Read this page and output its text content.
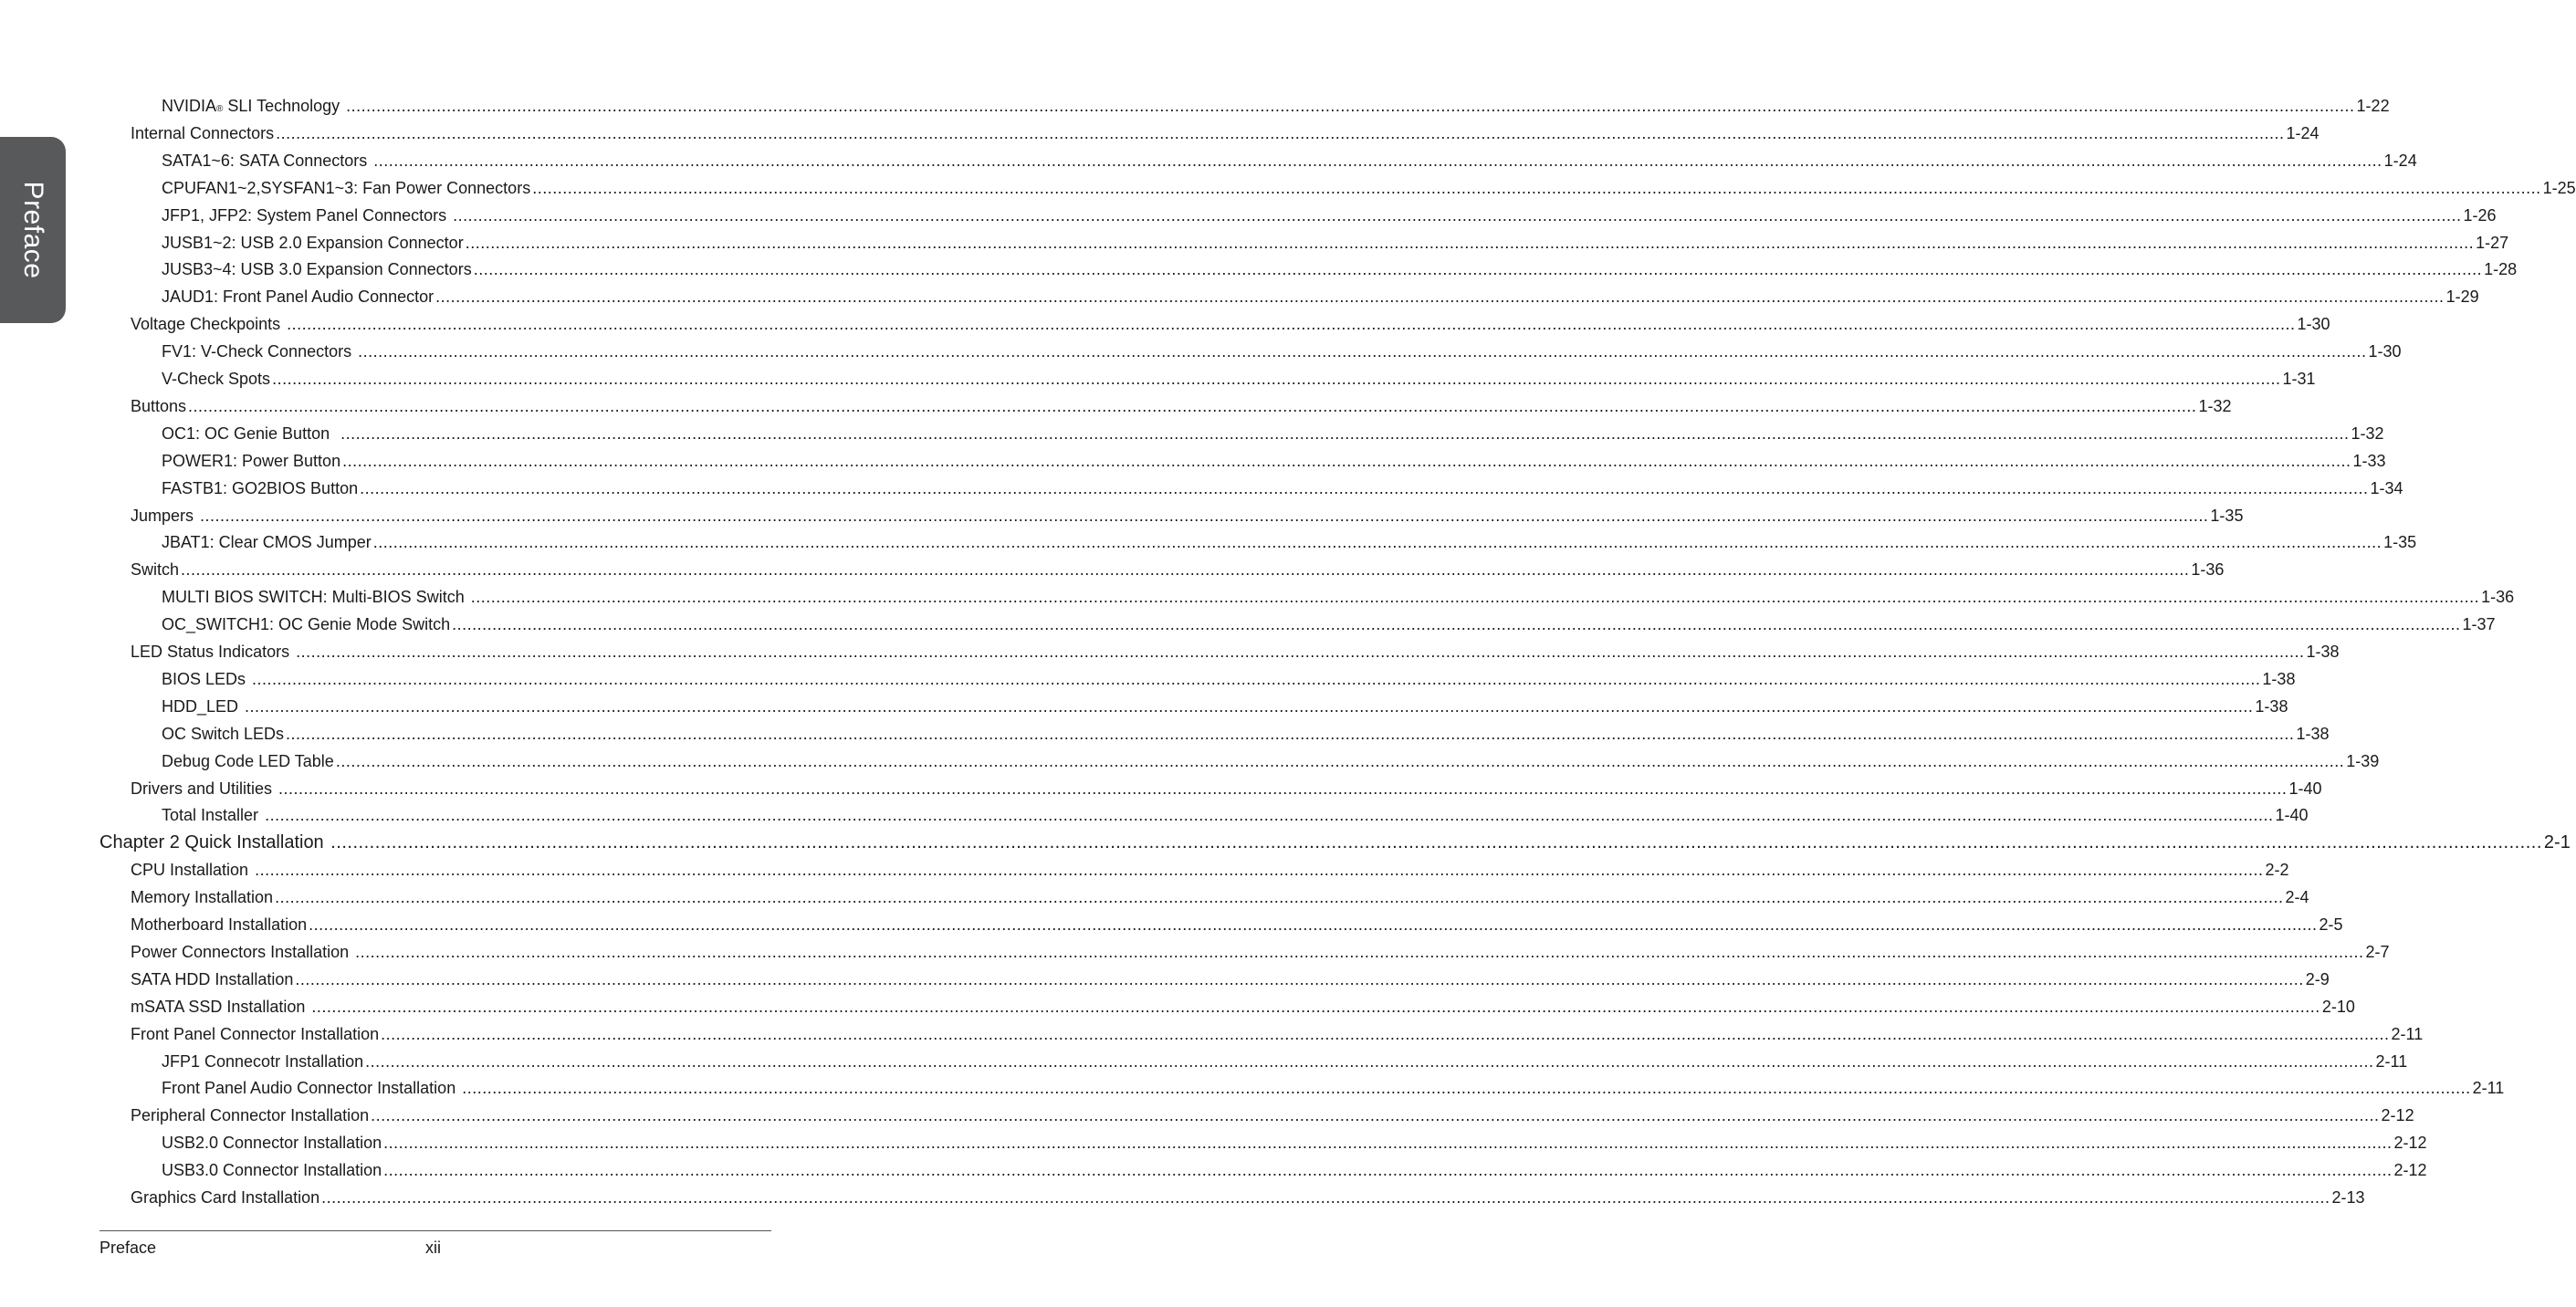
Preface
NVIDIA ® SLI Technology ................................................................................................................................................................................................................................................................................................................................................................................................................ 1-22
Internal Connectors ................................................................................................................................................................................................................................................................................................................................................................................................................ 1-24
SATA1~6: SATA Connectors ................................................................................................................................................................................................................................................................................................................................................................................................................ 1-24
CPUFAN1~2,SYSFAN1~3: Fan Power Connectors ................................................................................................................................................................................................................................................................................................................................................................................................................ 1-25
JFP1, JFP2: System Panel Connectors ................................................................................................................................................................................................................................................................................................................................................................................................................ 1-26
JUSB1~2: USB 2.0 Expansion Connector ................................................................................................................................................................................................................................................................................................................................................................................................................ 1-27
JUSB3~4: USB 3.0 Expansion Connectors ................................................................................................................................................................................................................................................................................................................................................................................................................ 1-28
JAUD1: Front Panel Audio Connector ................................................................................................................................................................................................................................................................................................................................................................................................................ 1-29
Voltage Checkpoints ................................................................................................................................................................................................................................................................................................................................................................................................................ 1-30
FV1: V-Check Connectors ................................................................................................................................................................................................................................................................................................................................................................................................................ 1-30
V-Check Spots ................................................................................................................................................................................................................................................................................................................................................................................................................ 1-31
Buttons ................................................................................................................................................................................................................................................................................................................................................................................................................ 1-32
OC1: OC Genie Button ................................................................................................................................................................................................................................................................................................................................................................................................................ 1-32
POWER1: Power Button ................................................................................................................................................................................................................................................................................................................................................................................................................ 1-33
FASTB1: GO2BIOS Button ................................................................................................................................................................................................................................................................................................................................................................................................................ 1-34
Jumpers ................................................................................................................................................................................................................................................................................................................................................................................................................ 1-35
JBAT1: Clear CMOS Jumper ................................................................................................................................................................................................................................................................................................................................................................................................................ 1-35
Switch ................................................................................................................................................................................................................................................................................................................................................................................................................ 1-36
MULTI BIOS SWITCH: Multi-BIOS Switch ................................................................................................................................................................................................................................................................................................................................................................................................................ 1-36
OC_SWITCH1: OC Genie Mode Switch ................................................................................................................................................................................................................................................................................................................................................................................................................ 1-37
LED Status Indicators ................................................................................................................................................................................................................................................................................................................................................................................................................ 1-38
BIOS LEDs ................................................................................................................................................................................................................................................................................................................................................................................................................ 1-38
HDD_LED ................................................................................................................................................................................................................................................................................................................................................................................................................ 1-38
OC Switch LEDs ................................................................................................................................................................................................................................................................................................................................................................................................................ 1-38
Debug Code LED Table ................................................................................................................................................................................................................................................................................................................................................................................................................ 1-39
Drivers and Utilities ................................................................................................................................................................................................................................................................................................................................................................................................................ 1-40
Total Installer ................................................................................................................................................................................................................................................................................................................................................................................................................ 1-40
Chapter 2 Quick Installation ................................................................................................................................................................................................................................................................................................................................................................................................................ 2-1
CPU Installation ................................................................................................................................................................................................................................................................................................................................................................................................................ 2-2
Memory Installation ................................................................................................................................................................................................................................................................................................................................................................................................................ 2-4
Motherboard Installation ................................................................................................................................................................................................................................................................................................................................................................................................................ 2-5
Power Connectors Installation ................................................................................................................................................................................................................................................................................................................................................................................................................ 2-7
SATA HDD Installation ................................................................................................................................................................................................................................................................................................................................................................................................................ 2-9
mSATA SSD Installation ................................................................................................................................................................................................................................................................................................................................................................................................................ 2-10
Front Panel Connector Installation ................................................................................................................................................................................................................................................................................................................................................................................................................ 2-11
JFP1 Connecotr Installation ................................................................................................................................................................................................................................................................................................................................................................................................................ 2-11
Front Panel Audio Connector Installation ................................................................................................................................................................................................................................................................................................................................................................................................................ 2-11
Peripheral Connector Installation ................................................................................................................................................................................................................................................................................................................................................................................................................ 2-12
USB2.0 Connector Installation ................................................................................................................................................................................................................................................................................................................................................................................................................ 2-12
USB3.0 Connector Installation ................................................................................................................................................................................................................................................................................................................................................................................................................ 2-12
Graphics Card Installation ................................................................................................................................................................................................................................................................................................................................................................................................................ 2-13
Preface	xii
